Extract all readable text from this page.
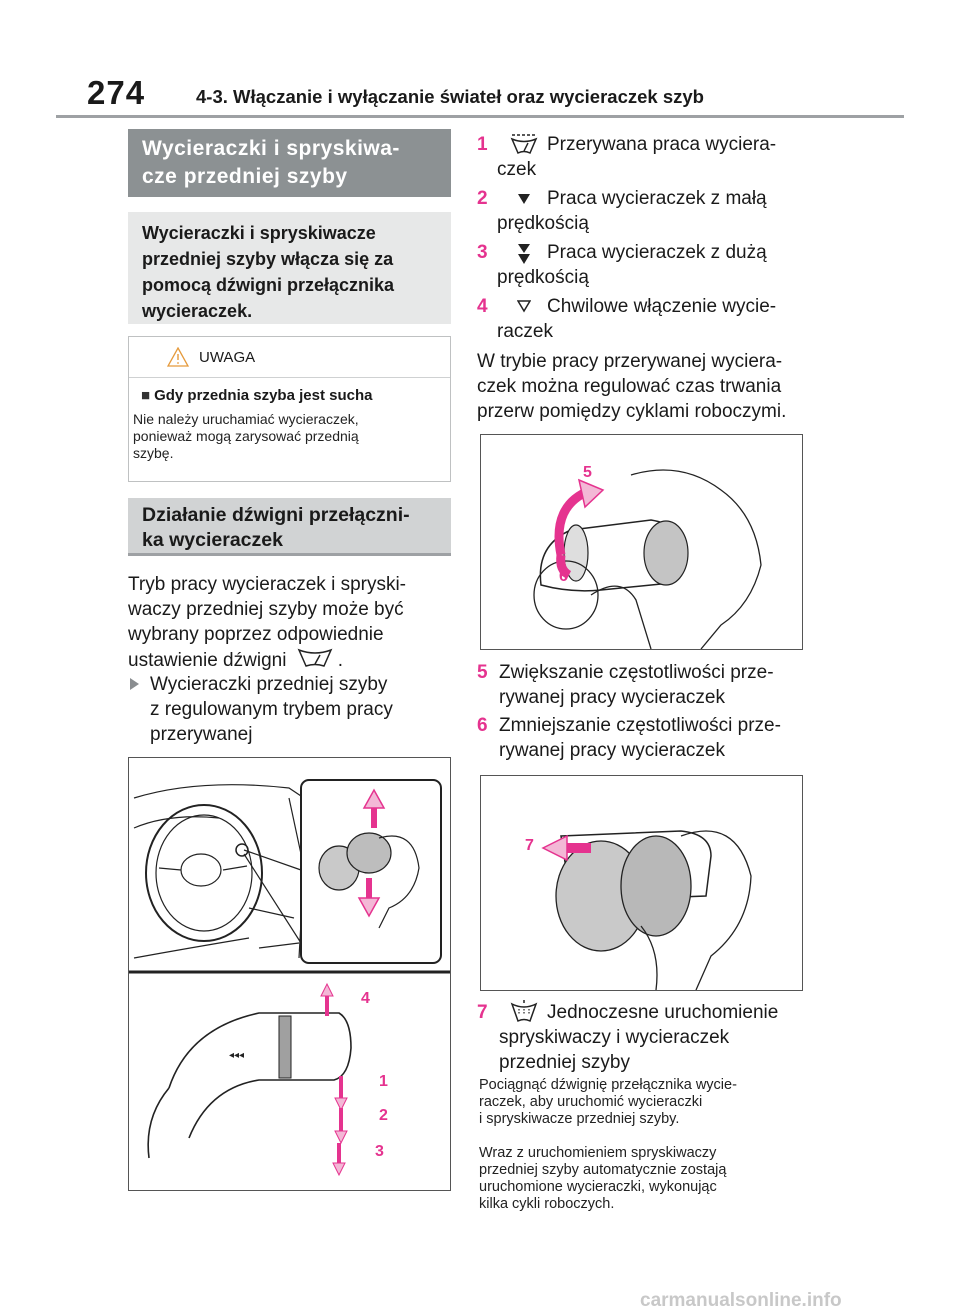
274	4-3. Włączanie i wyłączanie świateł oraz wycieraczek szyb
Wycieraczki i spryskiwa-
cze przedniej szyby
Wycieraczki i spryskiwacze
przedniej szyby włącza się za
pomocą dźwigni przełącznika
wycieraczek.
UWAGA
■ Gdy przednia szyba jest sucha
Nie należy uruchamiać wycieraczek,
ponieważ mogą zarysować przednią
szybę.
Działanie dźwigni przełączni-
ka wycieraczek
Tryb pracy wycieraczek i spryski-
waczy przedniej szyby może być
wybrany poprzez odpowiednie
ustawienie dźwigni	.
Wycieraczki przedniej szyby
z regulowanym trybem pracy
przerywanej
◂◂◂
4
1
2
3
1	Przerywana praca wyciera-
czek
2	Praca wycieraczek z małą
prędkością
3	Praca wycieraczek z dużą
prędkością
4	Chwilowe włączenie wycie-
raczek
W trybie pracy przerywanej wyciera-
czek można regulować czas trwania
przerw pomiędzy cyklami roboczymi.
5
6
5 Zwiększanie częstotliwości prze-
rywanej pracy wycieraczek
6 Zmniejszanie częstotliwości prze-
rywanej pracy wycieraczek
7
7	Jednoczesne uruchomienie
spryskiwaczy i wycieraczek
przedniej szyby
Pociągnąć dźwignię przełącznika wycie-
raczek, aby uruchomić wycieraczki
i spryskiwacze przedniej szyby.
Wraz z uruchomieniem spryskiwaczy
przedniej szyby automatycznie zostają
uruchomione wycieraczki, wykonując
kilka cykli roboczych.
carmanualsonline.info
